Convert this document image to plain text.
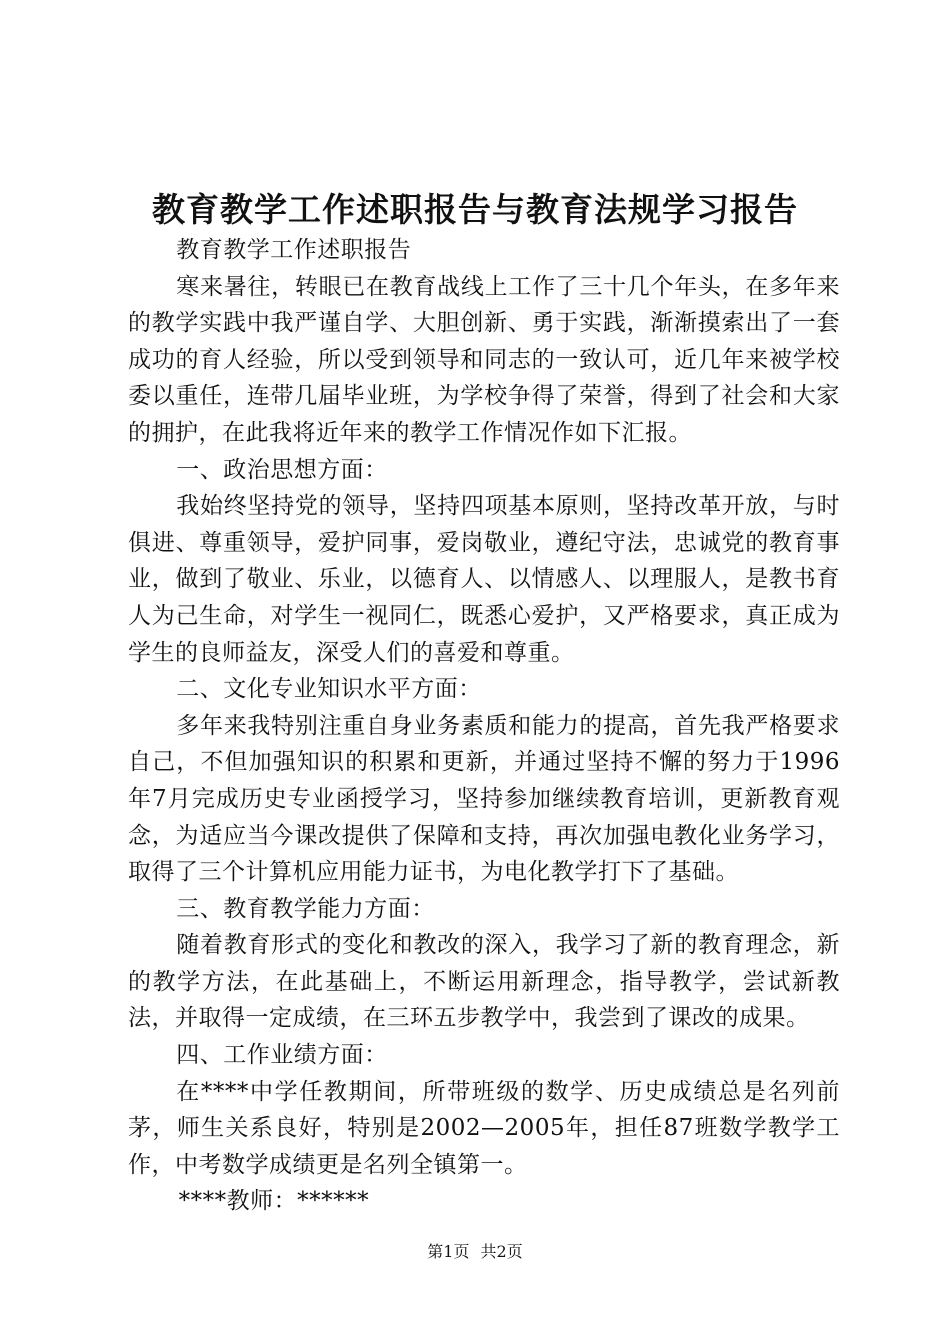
教育教学工作述职报告与教育法规学习报告

教育教学工作述职报告

寒来暑往，转眼已在教育战线上工作了三十几个年头，在多年来的教学实践中我严谨自学、大胆创新、勇于实践，渐渐摸索出了一套成功的育人经验，所以受到领导和同志的一致认可，近几年来被学校委以重任，连带几届毕业班，为学校争得了荣誉，得到了社会和大家的拥护，在此我将近年来的教学工作情况作如下汇报。

一、政治思想方面：

我始终坚持党的领导，坚持四项基本原则，坚持改革开放，与时俱进、尊重领导，爱护同事，爱岗敬业，遵纪守法，忠诚党的教育事业，做到了敬业、乐业，以德育人、以情感人、以理服人，是教书育人为己生命，对学生一视同仁，既悉心爱护，又严格要求，真正成为学生的良师益友，深受人们的喜爱和尊重。

二、文化专业知识水平方面：

多年来我特别注重自身业务素质和能力的提高，首先我严格要求自己，不但加强知识的积累和更新，并通过坚持不懈的努力于1996年7月完成历史专业函授学习，坚持参加继续教育培训，更新教育观念，为适应当今课改提供了保障和支持，再次加强电教化业务学习，取得了三个计算机应用能力证书，为电化教学打下了基础。

三、教育教学能力方面：

随着教育形式的变化和教改的深入，我学习了新的教育理念，新的教学方法，在此基础上，不断运用新理念，指导教学，尝试新教法，并取得一定成绩，在三环五步教学中，我尝到了课改的成果。

四、工作业绩方面：

在****中学任教期间，所带班级的数学、历史成绩总是名列前茅，师生关系良好，特别是2002—2005年，担任87班数学教学工作，中考数学成绩更是名列全镇第一。

****教师：******

第1页 共2页
